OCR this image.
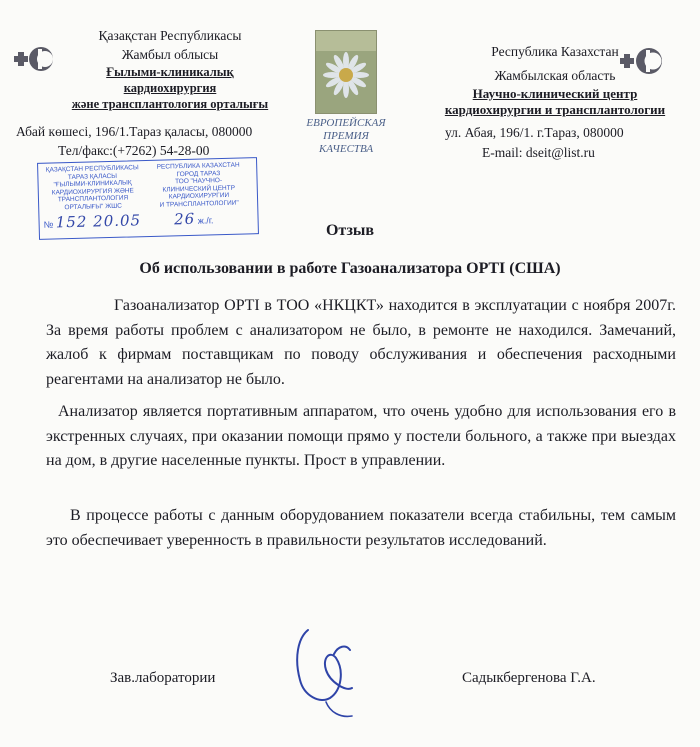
Қазақстан Республикасы
Жамбыл облысы
Ғылыми-клиникалық кардиохирургия
және трансплантология орталығы
Абай көшесі, 196/1.Тараз қаласы, 080000
Тел/факс:(+7262) 54-28-00
Республика Казахстан
Жамбылская область
Научно-клинический центр
кардиохирургии и трансплантологии
ул. Абая, 196/1. г.Тараз, 080000
E-mail: dseit@list.ru
ЕВРОПЕЙСКАЯ ПРЕМИЯ
КАЧЕСТВА
ҚАЗАҚСТАН РЕСПУБЛИКАСЫ
ТАРАЗ ҚАЛАСЫ
"ҒЫЛЫМИ-КЛИНИКАЛЫҚ
КАРДИОХИРУРГИЯ ЖӘНЕ
ТРАНСПЛАНТОЛОГИЯ
ОРТАЛЫҒЫ" ЖШС
РЕСПУБЛИКА КАЗАХСТАН
ГОРОД ТАРАЗ
ТОО "НАУЧНО-
КЛИНИЧЕСКИЙ ЦЕНТР
КАРДИОХИРУРГИИ
И ТРАНСПЛАНТОЛОГИИ"
№ 152 20.05 26 ж./г.
Отзыв
Об использовании в работе Газоанализатора OPTI (США)
Газоанализатор OPTI в ТОО «НКЦКТ» находится в эксплуатации с ноября 2007г. За время работы проблем с анализатором не было, в ремонте не находился. Замечаний, жалоб к фирмам поставщикам по поводу обслуживания и обеспечения расходными реагентами на анализатор не было.
Анализатор является портативным аппаратом, что очень удобно для использования его в экстренных случаях, при оказании помощи прямо у постели больного, а также при выездах на дом, в другие населенные пункты. Прост в управлении.
В процессе работы с данным оборудованием показатели всегда стабильны, тем самым это обеспечивает уверенность в правильности результатов исследований.
Зав.лаборатории	Садыкбергенова Г.А.
